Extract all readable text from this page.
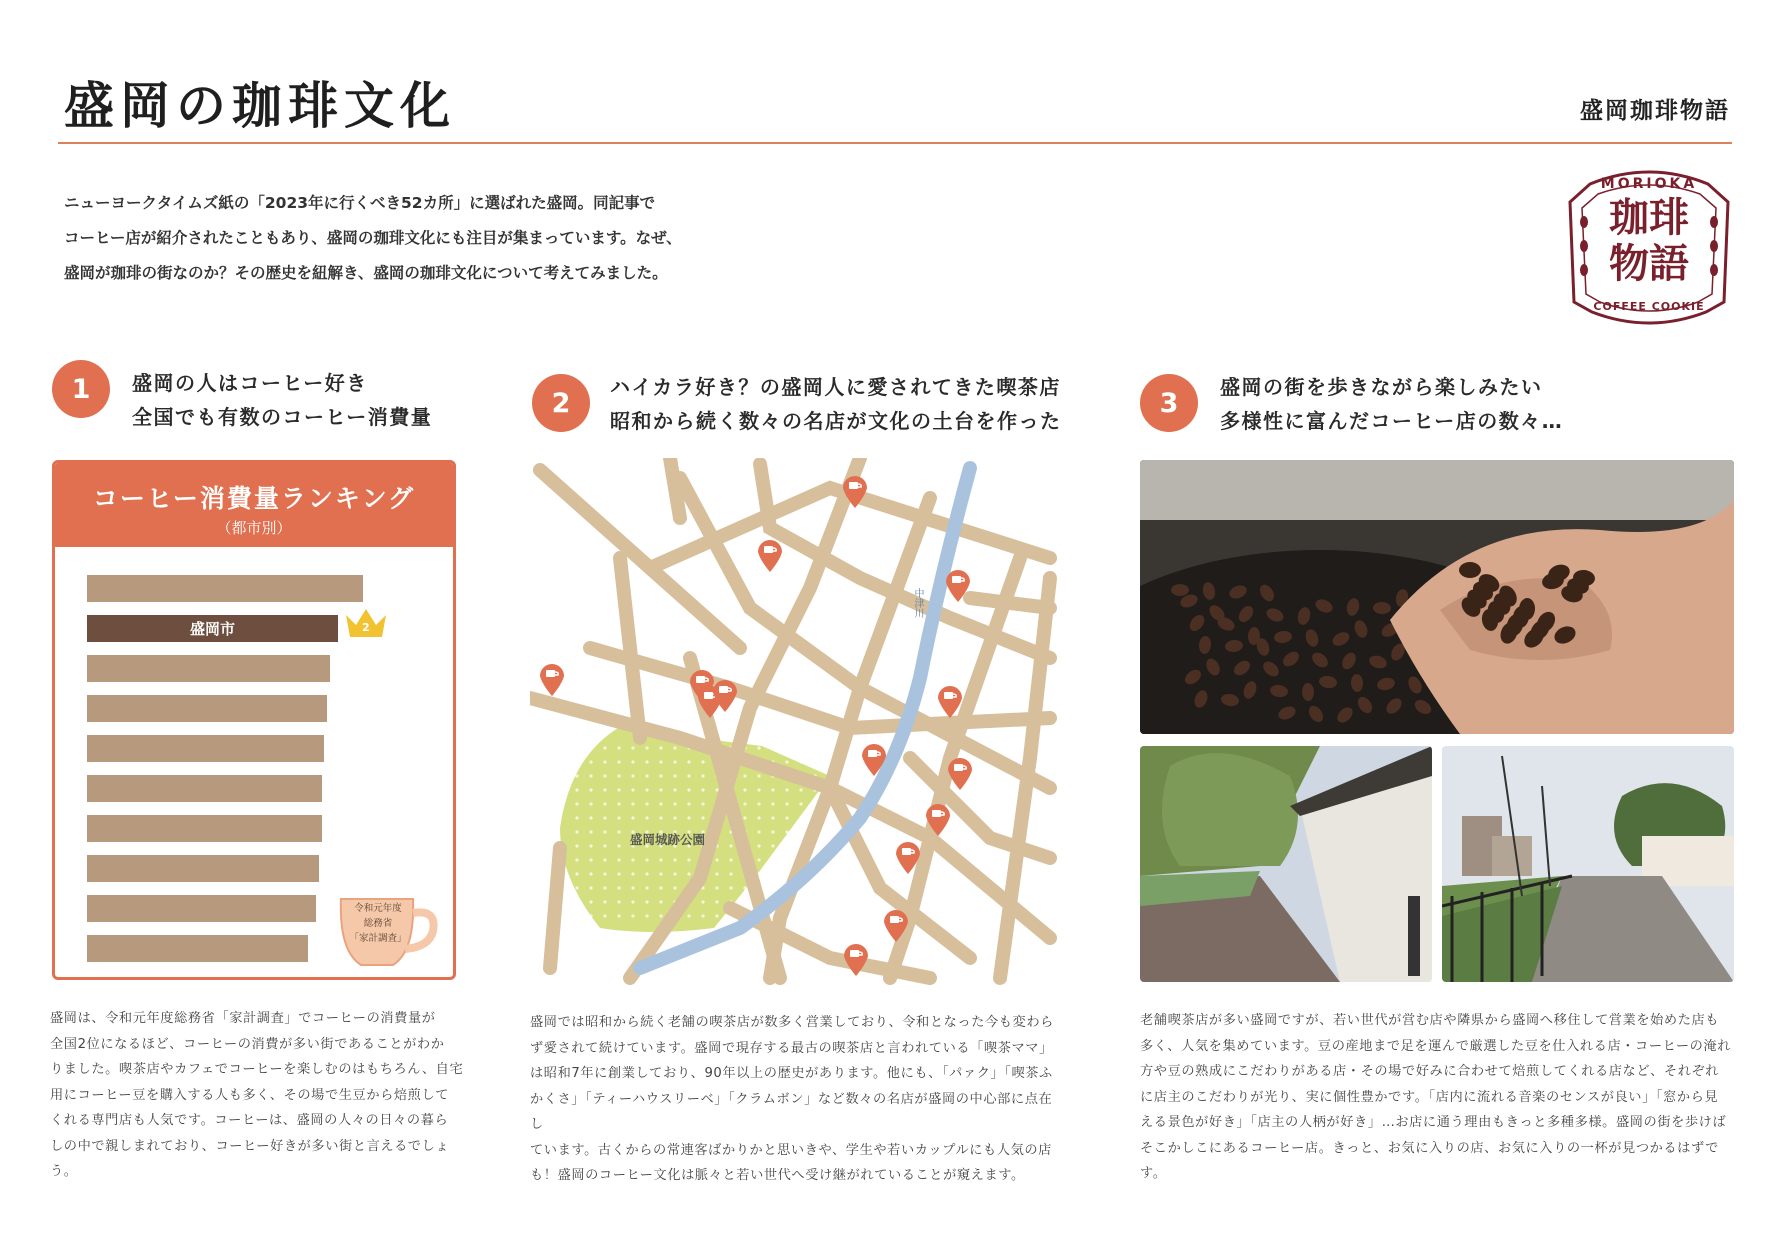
盛岡の珈琲文化	盛岡珈琲物語
ニューヨークタイムズ紙の「2023年に行くべき52カ所」に選ばれた盛岡。同記事で
コーヒー店が紹介されたこともあり、盛岡の珈琲文化にも注目が集まっています。なぜ、
盛岡が珈琲の街なのか？その歴史を紐解き、盛岡の珈琲文化について考えてみました。
MORIOKA
珈琲
物語
COFFEE COOKIE
1	盛岡の人はコーヒー好き
全国でも有数のコーヒー消費量
コーヒー消費量ランキング
（都市別）
盛岡市	2
令和元年度
総務省
「家計調査」
盛岡は、令和元年度総務省「家計調査」でコーヒーの消費量が
全国2位になるほど、コーヒーの消費が多い街であることがわか
りました。喫茶店やカフェでコーヒーを楽しむのはもちろん、自宅
用にコーヒー豆を購入する人も多く、その場で生豆から焙煎して
くれる専門店も人気です。コーヒーは、盛岡の人々の日々の暮ら
しの中で親しまれており、コーヒー好きが多い街と言えるでしょう。
2
ハイカラ好き？の盛岡人に愛されてきた喫茶店
昭和から続く数々の名店が文化の土台を作った
盛岡城跡公園
中津川
盛岡では昭和から続く老舗の喫茶店が数多く営業しており、令和となった今も変わら
ず愛されて続けています。盛岡で現存する最古の喫茶店と言われている「喫茶ママ」
は昭和7年に創業しており、90年以上の歴史があります。他にも、「パァク」「喫茶ふ
かくさ」「ティーハウスリーベ」「クラムボン」など数々の名店が盛岡の中心部に点在し
ています。古くからの常連客ばかりかと思いきや、学生や若いカップルにも人気の店
も！盛岡のコーヒー文化は脈々と若い世代へ受け継がれていることが窺えます。
3
盛岡の街を歩きながら楽しみたい
多様性に富んだコーヒー店の数々…
老舗喫茶店が多い盛岡ですが、若い世代が営む店や隣県から盛岡へ移住して営業を始めた店も
多く、人気を集めています。豆の産地まで足を運んで厳選した豆を仕入れる店・コーヒーの淹れ
方や豆の熟成にこだわりがある店・その場で好みに合わせて焙煎してくれる店など、それぞれ
に店主のこだわりが光り、実に個性豊かです。「店内に流れる音楽のセンスが良い」「窓から見
える景色が好き」「店主の人柄が好き」…お店に通う理由もきっと多種多様。盛岡の街を歩けば
そこかしこにあるコーヒー店。きっと、お気に入りの店、お気に入りの一杯が見つかるはずです。
